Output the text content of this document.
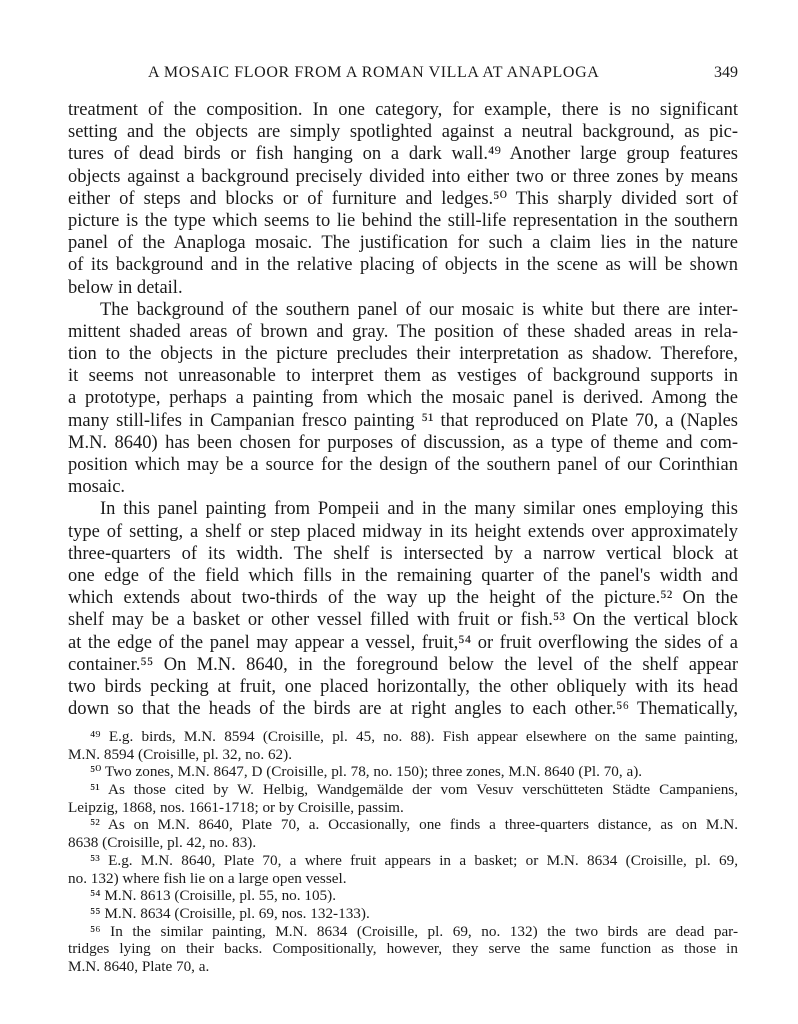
A MOSAIC FLOOR FROM A ROMAN VILLA AT ANAPLOGA	349
treatment of the composition. In one category, for example, there is no significant
setting and the objects are simply spotlighted against a neutral background, as pic-
tures of dead birds or fish hanging on a dark wall.⁴⁹ Another large group features
objects against a background precisely divided into either two or three zones by means
either of steps and blocks or of furniture and ledges.⁵⁰ This sharply divided sort of
picture is the type which seems to lie behind the still-life representation in the southern
panel of the Anaploga mosaic. The justification for such a claim lies in the nature
of its background and in the relative placing of objects in the scene as will be shown
below in detail.
The background of the southern panel of our mosaic is white but there are inter-
mittent shaded areas of brown and gray. The position of these shaded areas in rela-
tion to the objects in the picture precludes their interpretation as shadow. Therefore,
it seems not unreasonable to interpret them as vestiges of background supports in
a prototype, perhaps a painting from which the mosaic panel is derived. Among the
many still-lifes in Campanian fresco painting ⁵¹ that reproduced on Plate 70, a (Naples
M.N. 8640) has been chosen for purposes of discussion, as a type of theme and com-
position which may be a source for the design of the southern panel of our Corinthian
mosaic.
In this panel painting from Pompeii and in the many similar ones employing this
type of setting, a shelf or step placed midway in its height extends over approximately
three-quarters of its width. The shelf is intersected by a narrow vertical block at
one edge of the field which fills in the remaining quarter of the panel's width and
which extends about two-thirds of the way up the height of the picture.⁵² On the
shelf may be a basket or other vessel filled with fruit or fish.⁵³ On the vertical block
at the edge of the panel may appear a vessel, fruit,⁵⁴ or fruit overflowing the sides of a
container.⁵⁵ On M.N. 8640, in the foreground below the level of the shelf appear
two birds pecking at fruit, one placed horizontally, the other obliquely with its head
down so that the heads of the birds are at right angles to each other.⁵⁶ Thematically,
⁴⁹ E.g. birds, M.N. 8594 (Croisille, pl. 45, no. 88). Fish appear elsewhere on the same painting,
M.N. 8594 (Croisille, pl. 32, no. 62).
⁵⁰ Two zones, M.N. 8647, D (Croisille, pl. 78, no. 150); three zones, M.N. 8640 (Pl. 70, a).
⁵¹ As those cited by W. Helbig, Wandgemälde der vom Vesuv verschütteten Städte Campaniens,
Leipzig, 1868, nos. 1661-1718; or by Croisille, passim.
⁵² As on M.N. 8640, Plate 70, a. Occasionally, one finds a three-quarters distance, as on M.N.
8638 (Croisille, pl. 42, no. 83).
⁵³ E.g. M.N. 8640, Plate 70, a where fruit appears in a basket; or M.N. 8634 (Croisille, pl. 69,
no. 132) where fish lie on a large open vessel.
⁵⁴ M.N. 8613 (Croisille, pl. 55, no. 105).
⁵⁵ M.N. 8634 (Croisille, pl. 69, nos. 132-133).
⁵⁶ In the similar painting, M.N. 8634 (Croisille, pl. 69, no. 132) the two birds are dead par-
tridges lying on their backs. Compositionally, however, they serve the same function as those in
M.N. 8640, Plate 70, a.
